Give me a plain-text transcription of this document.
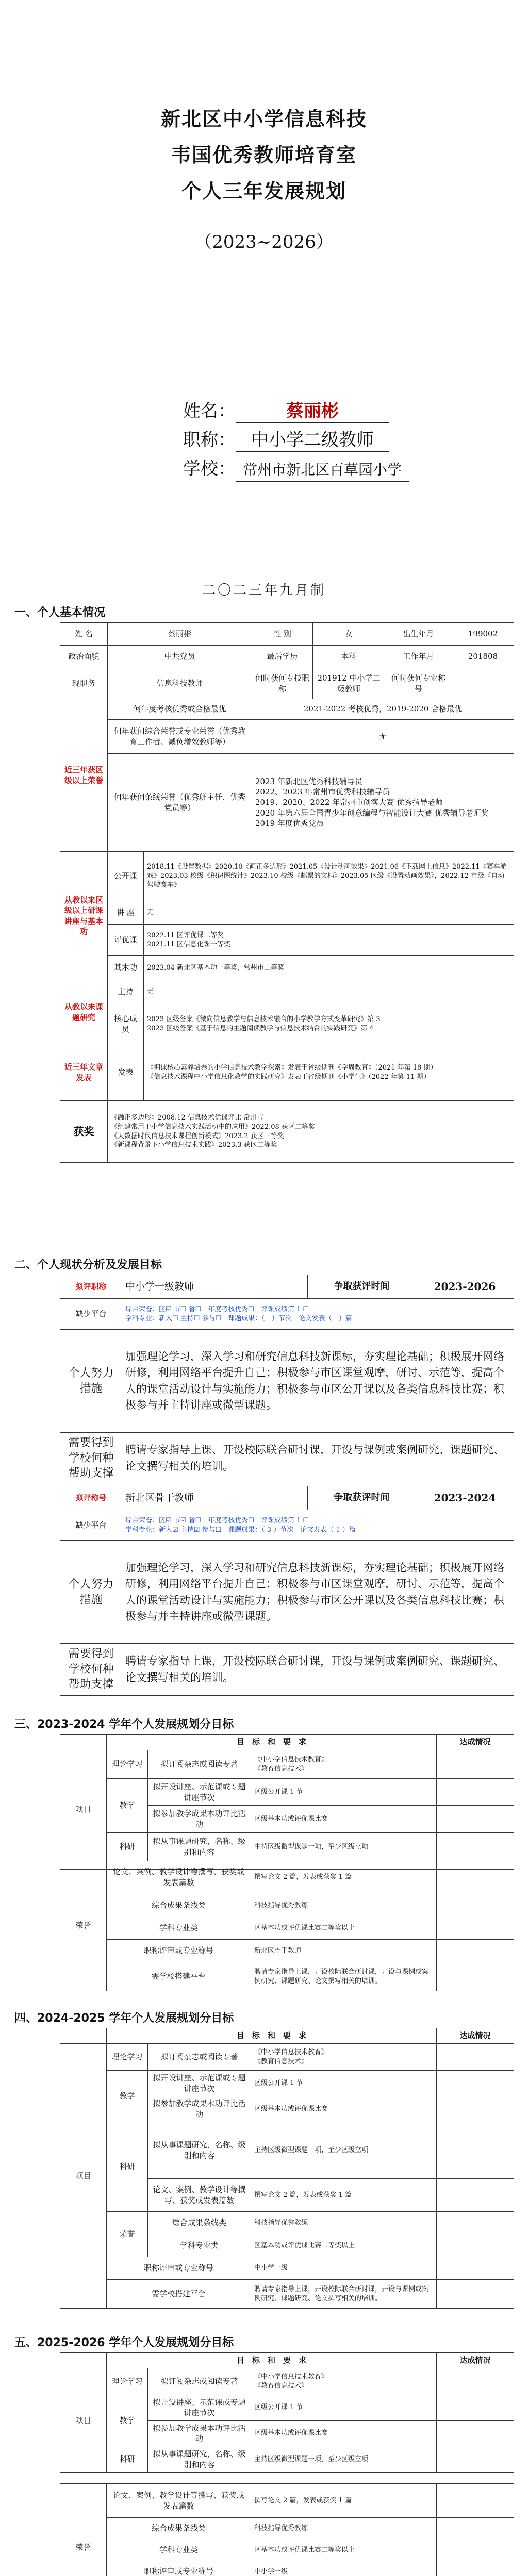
新北区中小学信息科技
韦国优秀教师培育室
个人三年发展规划
（2023~2026）
姓名：	蔡丽彬
职称： 中小学二级教师
学校： 常州市新北区百草园小学
二〇二三年九月制
一、个人基本情况
姓 名	蔡丽彬		性 别	女	出生年月	199002
政治面貌	中共党员		最后学历	本科	工作年月	201808
现职务	信息科技教师		何时获何专技职称	201912 中小学二级教师	何时获何专业称号	
近三年获区级以上荣誉	何年度考核优秀或合格最优		2021-2022 考核优秀，2019-2020 合格最优			
	何年获何综合荣誉或专业荣誉（优秀教育工作者、减负增效教师等）		无			
	何年获何条线荣誉（优秀班主任、优秀党员等）		2023 年新北区优秀科技辅导员
2022、2023 年常州市优秀科技辅导员
2019、2020、2022 年常州市创客大赛 优秀指导老师
2020 年第六届全国青少年创意编程与智能设计大赛 优秀辅导老师奖
2019 年度优秀党员			
从教以来区级以上研课讲座与基本功	公开课	2018.11《设置数据》2020.10《画正多边形》2021.05《设计动画效果》2021.06《下载网上信息》2022.11《赛车游戏》2023.03 校级《积识图统计》2023.10 校级《邮票的文档》2023.05 区级《设置动画效果》，2022.12 市级《自动驾驶赛车》				
	讲 座	无				
	评优课	2022.11 区评优课二等奖
2021.11 区信息化课一等奖				
	基本功	2023.04 新北区基本功一等奖，常州市二等奖				
从教以来课题研究	主持	无				
	核心成员	2023 区级备案《微向信息教学与信息技术融合的小学教学方式变革研究》第 3
2023 区级备案《基于信息的主题阅读教学与信息技术结合的实践研究》第 4				
近三年文章发表	发表	《拥课核心素养培养的小学信息技术教学探索》发表于省级期刊《学周教育》（2021 年第 18 期）
《信息技术课程中小学信息化教学的实践研究》发表于省级期刊《小学生》（2022 年第 11 期）				
获奖	《融正多边形》2008.12 信息技术优课评比 常州市
《组建常用于小学信息技术实践活动中的应用》2022.08 获区二等奖
《大数据时代信息技术课程创新模式》2023.2 获区三等奖
《新课程背景下小学信息技术实践》2023.3 获区二等奖					
二、个人现状分析及发展目标
拟评职称	中小学一级教师	争取获评时间	2023-2026
缺少平台	综合荣誉：区☑ 市☐ 省☐　年度考核优秀☐　评课成绩第 1 ☐
学科专业：新入☐ 主持☐ 参与☐　课题成果：（　）节次　论文发表（　）篇		
个人努力措施	加强理论学习，深入学习和研究信息科技新课标，夯实理论基础；积极展开网络研修，利用网络平台提升自己；积极参与市区课堂观摩，研讨、示范等，提高个人的课堂活动设计与实施能力；积极参与市区公开课以及各类信息科技比赛；积极参与并主持讲座或微型课题。		
需要得到学校何种帮助支撑	聘请专家指导上课、开设校际联合研讨课，开设与课例或案例研究、课题研究、论文撰写相关的培训。		
拟评称号	新北区骨干教师	争取获评时间	2023-2024
缺少平台	综合荣誉：区☑ 市☑ 省☐　年度考核优秀☐　评课成绩第 1 ☐
学科专业：新入☑ 主持☑ 参与☐　课题成果：（ 3 ）节次　论文发表（ 1 ）篇		
个人努力措施	加强理论学习，深入学习和研究信息科技新课标，夯实理论基础；积极展开网络研修，利用网络平台提升自己；积极参与市区课堂观摩，研讨、示范等，提高个人的课堂活动设计与实施能力；积极参与市区公开课以及各类信息科技比赛；积极参与并主持讲座或微型课题。		
需要得到学校何种帮助支撑	聘请专家指导上课，开设校际联合研讨课，开设与课例或案例研究、课题研究、论文撰写相关的培训。		
三、2023-2024 学年个人发展规划分目标
	目　标　和　要　求			达成情况
项目	理论学习	拟订阅杂志或阅读专著	《中小学信息技术教育》
《教育信息技术》	
	教学	拟开设讲座、示范课或专题讲座节次	区级公开课 1 节	
		拟参加教学成果本功评比活动	区级基本功或评优课比赛	
	科研	拟从事课题研究，名称、级别和内容	主持区级微型课题一项，至少区级立项	

荣誉	论文、案例、教学设计等撰写、获奖或发表篇数	撰写论文 2 篇，发表或获奖 1 篇	
	综合成果条线类	科技指导优秀教练	
	学科专业类	区基本功或评优课比赛二等奖以上	
	职称评审或专业称号	新北区骨干教师	
	需学校搭建平台	聘请专家指导上课，开设校际联合研讨课，开设与课例或案例研究、课题研究、论文撰写相关的培训。	
四、2024-2025 学年个人发展规划分目标
	目　标　和　要　求			达成情况
项目	理论学习	拟订阅杂志或阅读专著	《中小学信息技术教育》
《教育信息技术》	
	教学	拟开设讲座、示范课或专题讲座节次	区级公开课 1 节	
		拟参加教学成果本功评比活动	区级基本功或评优课比赛	
	科研	拟从事课题研究，名称、级别和内容	主持区级微型课题一项，至少区级立项	
		论文、案例、教学设计等撰写、获奖或发表篇数	撰写论文 2 篇，发表或获奖 1 篇	
	荣誉	综合成果条线类	科技指导优秀教练	
		学科专业类	区基本功或评优课比赛二等奖以上	
	职称评审或专业称号		中小学一级	
	需学校搭建平台		聘请专家指导上课，开设校际联合研讨课，开设与课例或案例研究、课题研究、论文撰写相关的培训。	
五、2025-2026 学年个人发展规划分目标
	目　标　和　要　求			达成情况
项目	理论学习	拟订阅杂志或阅读专著	《中小学信息技术教育》
《教育信息技术》	
	教学	拟开设讲座、示范课或专题讲座节次	区级公开课 1 节	
		拟参加教学成果本功评比活动	区级基本功或评优课比赛	
	科研	拟从事课题研究，名称、级别和内容	主持区级微型课题一项，至少区级立项	
荣誉	论文、案例、教学设计等撰写、获奖或发表篇数	撰写论文 2 篇，发表或获奖 1 篇	
	综合成果条线类	科技指导优秀教练	
	学科专业类	区基本功或评优课比赛二等奖以上	
	职称评审或专业称号	中小学一级	
